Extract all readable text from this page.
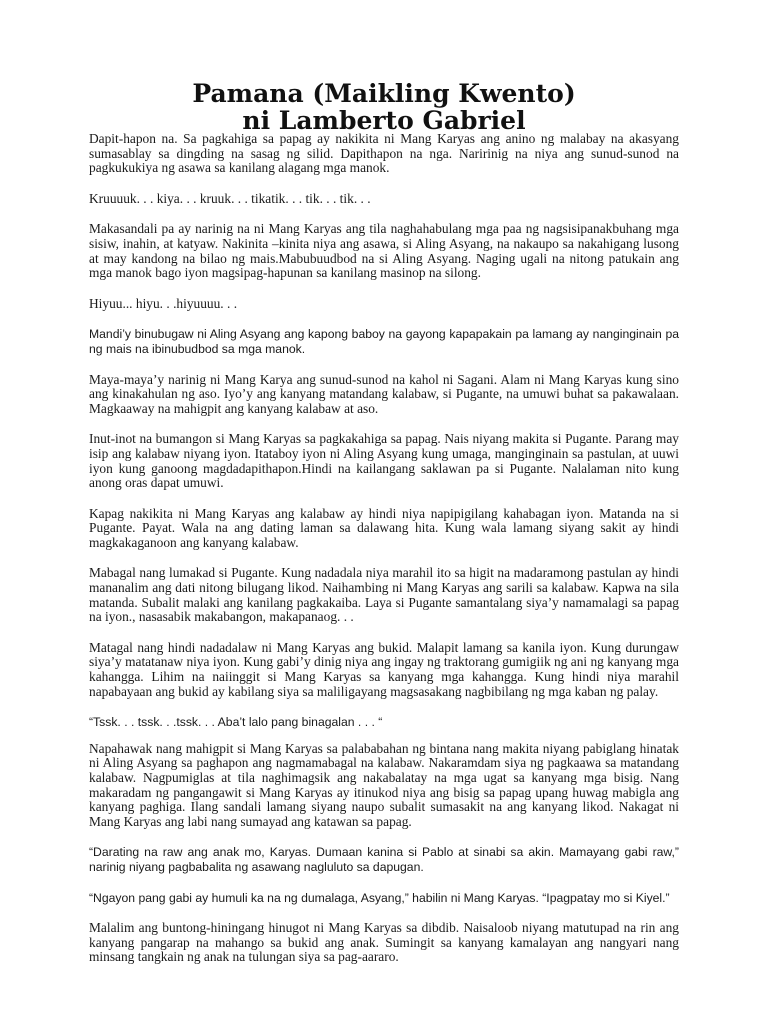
Pamana (Maikling Kwento)
ni Lamberto Gabriel

Dapit-hapon na. Sa pagkahiga sa papag ay nakikita ni Mang Karyas ang anino ng malabay na akasyang sumasablay sa dingding na sasag ng silid. Dapithapon na nga. Naririnig na niya ang sunud-sunod na pagkukukiya ng asawa sa kanilang alagang mga manok.

Kruuuuk. . . kiya. . . kruuk. . . tikatik. . . tik. . . tik. . .

Makasandali pa ay narinig na ni Mang Karyas ang tila naghahabulang mga paa ng nagsisipanakbuhang mga sisiw, inahin, at katyaw. Nakinita –kinita niya ang asawa, si Aling Asyang, na nakaupo sa nakahigang lusong at may kandong na bilao ng mais.Mabubuudbod na si Aling Asyang. Naging ugali na nitong patukain ang mga manok bago iyon magsipag-hapunan sa kanilang masinop na silong.

Hiyuu... hiyu. . .hiyuuuu. . .

Mandi’y binubugaw ni Aling Asyang ang kapong baboy na gayong kapapakain pa lamang ay nanginginain pa ng mais na ibinubudbod sa mga manok.

Maya-maya’y narinig ni Mang Karya ang sunud-sunod na kahol ni Sagani. Alam ni Mang Karyas kung sino ang kinakahulan ng aso. Iyo’y ang kanyang matandang kalabaw, si Pugante, na umuwi buhat sa pakawalaan. Magkaaway na mahigpit ang kanyang kalabaw at aso.

Inut-inot na bumangon si Mang Karyas sa pagkakahiga sa papag. Nais niyang makita si Pugante. Parang may isip ang kalabaw niyang iyon. Itataboy iyon ni Aling Asyang kung umaga, manginginain sa pastulan, at uuwi iyon kung ganoong magdadapithapon.Hindi na kailangang saklawan pa si Pugante. Nalalaman nito kung anong oras dapat umuwi.

Kapag nakikita ni Mang Karyas ang kalabaw ay hindi niya napipigilang kahabagan iyon. Matanda na si Pugante. Payat. Wala na ang dating laman sa dalawang hita. Kung wala lamang siyang sakit ay hindi magkakaganoon ang kanyang kalabaw.

Mabagal nang lumakad si Pugante. Kung nadadala niya marahil ito sa higit na madaramong pastulan ay hindi mananalim ang dati nitong bilugang likod. Naihambing ni Mang Karyas ang sarili sa kalabaw. Kapwa na sila matanda. Subalit malaki ang kanilang pagkakaiba. Laya si Pugante samantalang siya’y namamalagi sa papag na iyon., nasasabik makabangon, makapanaog. . .

Matagal nang hindi nadadalaw ni Mang Karyas ang bukid. Malapit lamang sa kanila iyon. Kung durungaw siya’y matatanaw niya iyon. Kung gabi’y dinig niya ang ingay ng traktorang gumigiik ng ani ng kanyang mga kahangga. Lihim na naiinggit si Mang Karyas sa kanyang mga kahangga. Kung hindi niya marahil napabayaan ang bukid ay kabilang siya sa maliligayang magsasakang nagbibilang ng mga kaban ng palay.

“Tssk. . . tssk. . .tssk. . . Aba’t lalo pang binagalan . . . “

Napahawak nang mahigpit si Mang Karyas sa palababahan ng bintana nang makita niyang pabiglang hinatak ni Aling Asyang sa paghapon ang nagmamabagal na kalabaw. Nakaramdam siya ng pagkaawa sa matandang kalabaw. Nagpumiglas at tila naghimagsik ang nakabalatay na mga ugat sa kanyang mga bisig. Nang makaradam ng pangangawit si Mang Karyas ay itinukod niya ang bisig sa papag upang huwag mabigla ang kanyang paghiga. Ilang sandali lamang siyang naupo subalit sumasakit na ang kanyang likod. Nakagat ni Mang Karyas ang labi nang sumayad ang katawan sa papag.

“Darating na raw ang anak mo, Karyas. Dumaan kanina si Pablo at sinabi sa akin. Mamayang gabi raw,” narinig niyang pagbabalita ng asawang nagluluto sa dapugan.

“Ngayon pang gabi ay humuli ka na ng dumalaga, Asyang,” habilin ni Mang Karyas. “Ipagpatay mo si Kiyel.”

Malalim ang buntong-hiningang hinugot ni Mang Karyas sa dibdib. Naisaloob niyang matutupad na rin ang kanyang pangarap na mahango sa bukid ang anak. Sumingit sa kanyang kamalayan ang nangyari nang minsang tangkain ng anak na tulungan siya sa pag-aararo.
